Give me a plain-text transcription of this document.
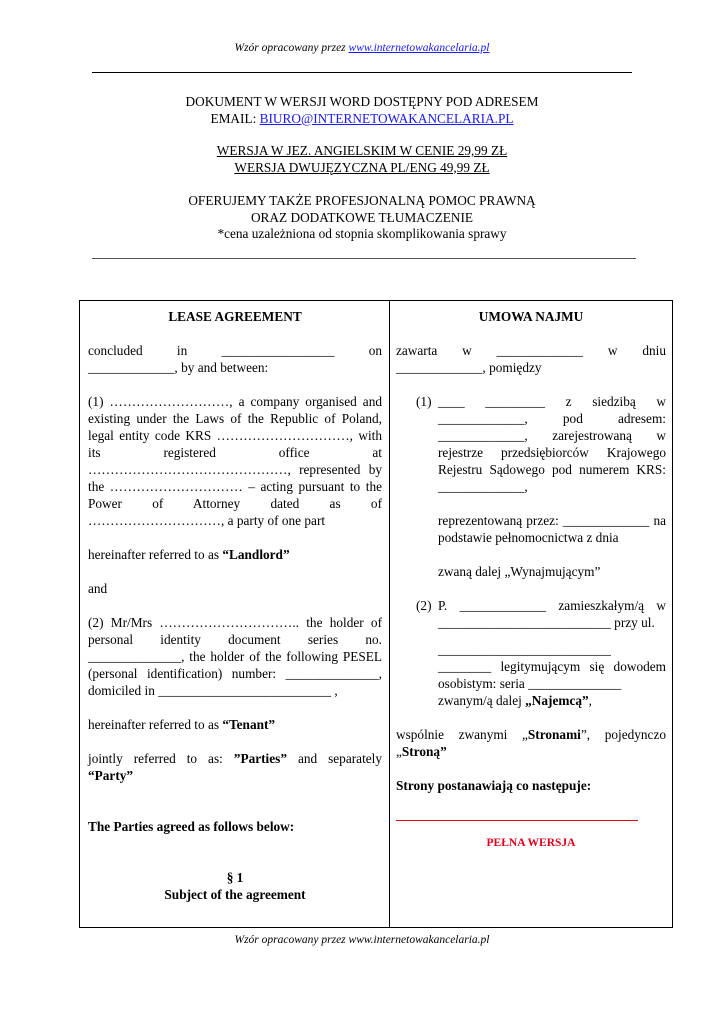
Wzór opracowany przez www.internetowakancelaria.pl
DOKUMENT W WERSJI WORD DOSTĘPNY POD ADRESEM
EMAIL: BIURO@INTERNETOWAKANCELARIA.PL
WERSJA W JEZ. ANGIELSKIM W CENIE 29,99 ZŁ
WERSJA DWUJĘZYCZNA PL/ENG 49,99 ZŁ
OFERUJEMY TAKŻE PROFESJONALNĄ POMOC PRAWNĄ
ORAZ DODATKOWE TŁUMACZENIE
*cena uzależniona od stopnia skomplikowania sprawy

LEASE AGREEMENT

concluded in _________________ on _____________, by and between:

(1) ………………………, a company organised and existing under the Laws of the Republic of Poland, legal entity code KRS …………………………, with its registered office at ………………………………………, represented by the ………………………… – acting pursuant to the Power of Attorney dated as of …………………………, a party of one part

hereinafter referred to as “Landlord”

and

(2) Mr/Mrs ………………………….. the holder of personal identity document series no. ______________, the holder of the following PESEL (personal identification) number: ______________, domiciled in __________________________ ,

hereinafter referred to as “Tenant”

jointly referred to as: ”Parties” and separately “Party”

The Parties agreed as follows below:

§ 1

Subject of the agreement

UMOWA NAJMU

zawarta w _____________ w dniu _____________, pomiędzy

(1) ____ _________ z siedzibą w _____________, pod adresem: _____________, zarejestrowaną w rejestrze przedsiębiorców Krajowego Rejestru Sądowego pod numerem KRS: _____________,

reprezentowaną przez: _____________ na podstawie pełnomocnictwa z dnia

zwaną dalej „Wynajmującym”

(2) P. _____________ zamieszkałym/ą w __________________________ przy ul.

__________________________ ________ legitymującym się dowodem osobistym: seria ______________

zwanym/ą dalej „Najemcą”,

wspólnie zwanymi „Stronami”, pojedynczo „Stroną”

Strony postanawiają co następuje:

PEŁNA WERSJA

Wzór opracowany przez www.internetowakancelaria.pl
